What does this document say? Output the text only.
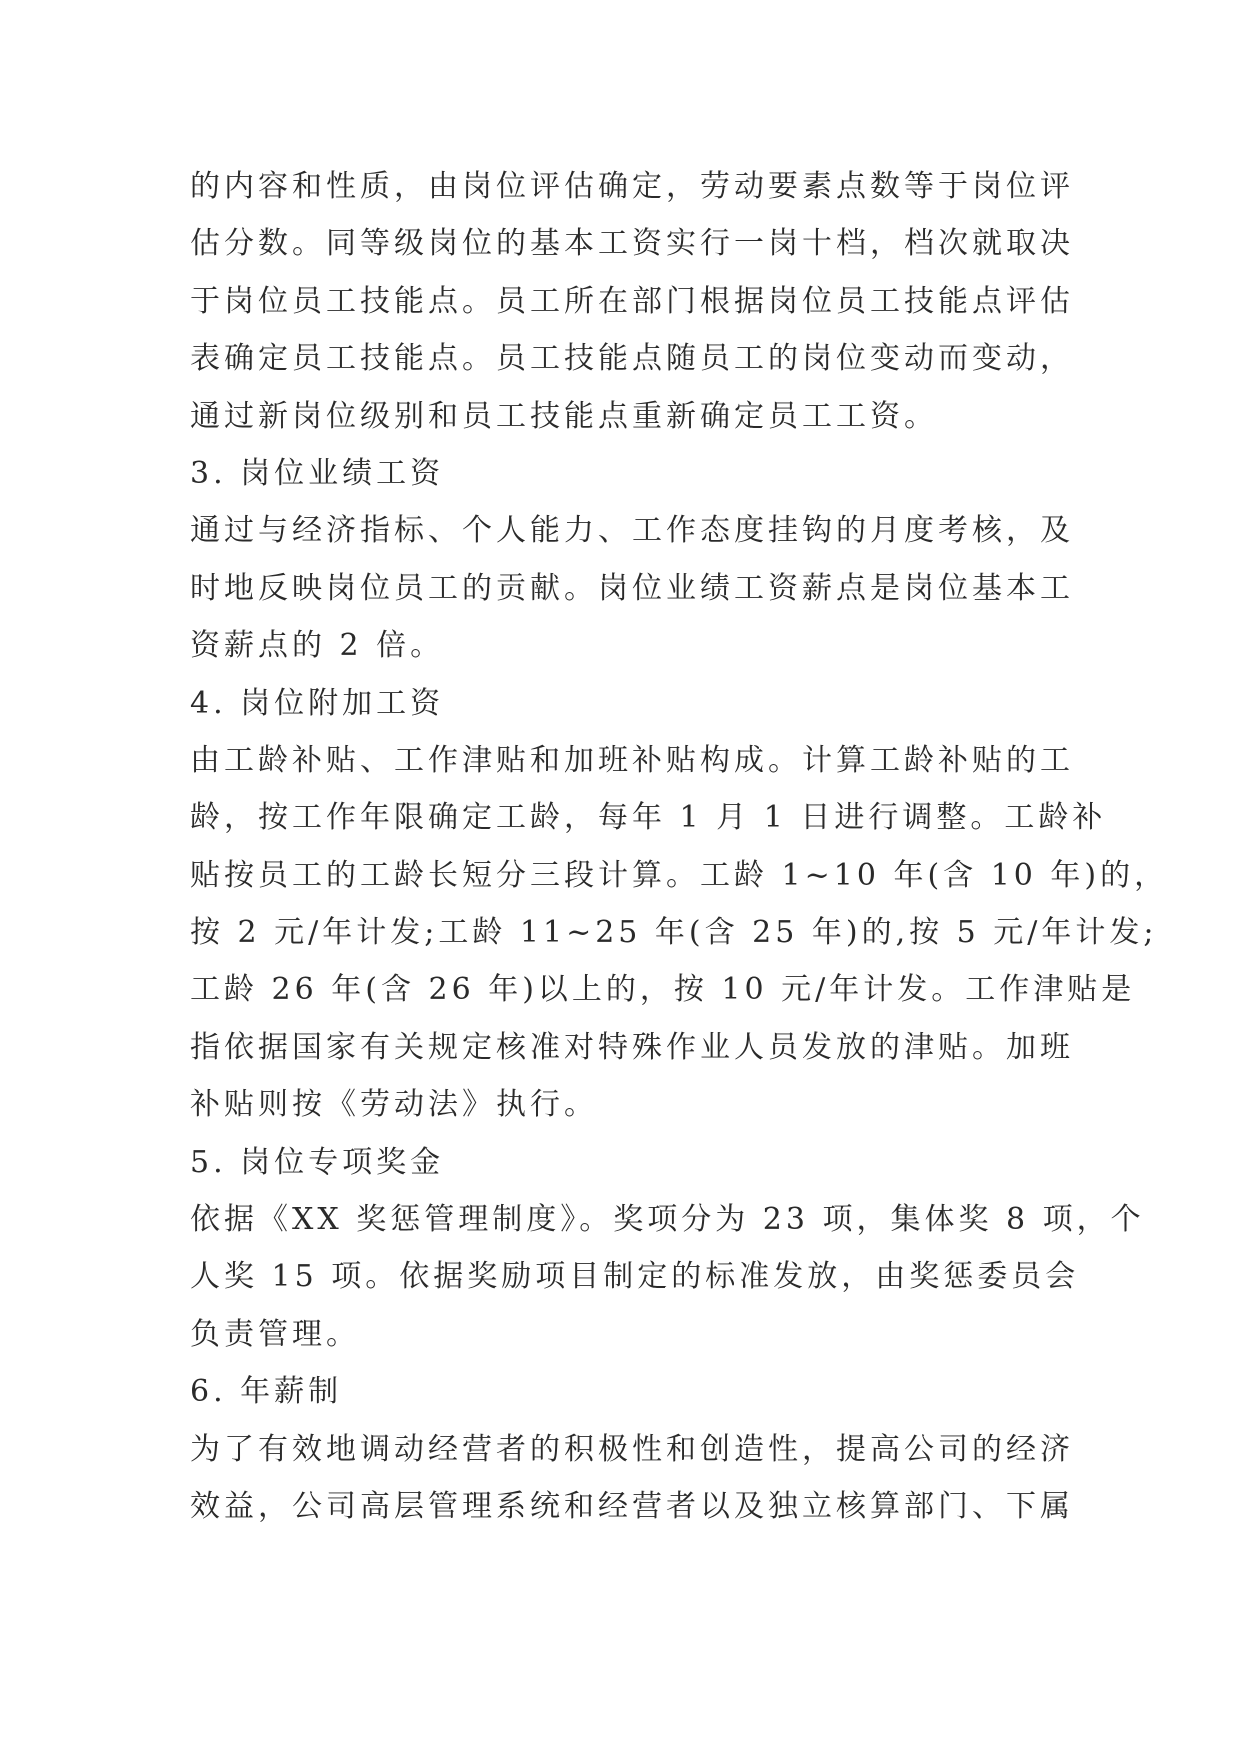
的内容和性质，由岗位评估确定，劳动要素点数等于岗位评
估分数。同等级岗位的基本工资实行一岗十档，档次就取决
于岗位员工技能点。员工所在部门根据岗位员工技能点评估
表确定员工技能点。员工技能点随员工的岗位变动而变动，
通过新岗位级别和员工技能点重新确定员工工资。
3. 岗位业绩工资
通过与经济指标、个人能力、工作态度挂钩的月度考核，及
时地反映岗位员工的贡献。岗位业绩工资薪点是岗位基本工
资薪点的 2 倍。
4. 岗位附加工资
由工龄补贴、工作津贴和加班补贴构成。计算工龄补贴的工
龄，按工作年限确定工龄，每年 1 月 1 日进行调整。工龄补
贴按员工的工龄长短分三段计算。工龄 1~10 年(含 10 年)的，
按 2 元/年计发;工龄 11~25 年(含 25 年)的,按 5 元/年计发;
工龄 26 年(含 26 年)以上的，按 10 元/年计发。工作津贴是
指依据国家有关规定核准对特殊作业人员发放的津贴。加班
补贴则按《劳动法》执行。
5. 岗位专项奖金
依据《XX 奖惩管理制度》。奖项分为 23 项，集体奖 8 项，个
人奖 15 项。依据奖励项目制定的标准发放，由奖惩委员会
负责管理。
6. 年薪制
为了有效地调动经营者的积极性和创造性，提高公司的经济
效益，公司高层管理系统和经营者以及独立核算部门、下属
